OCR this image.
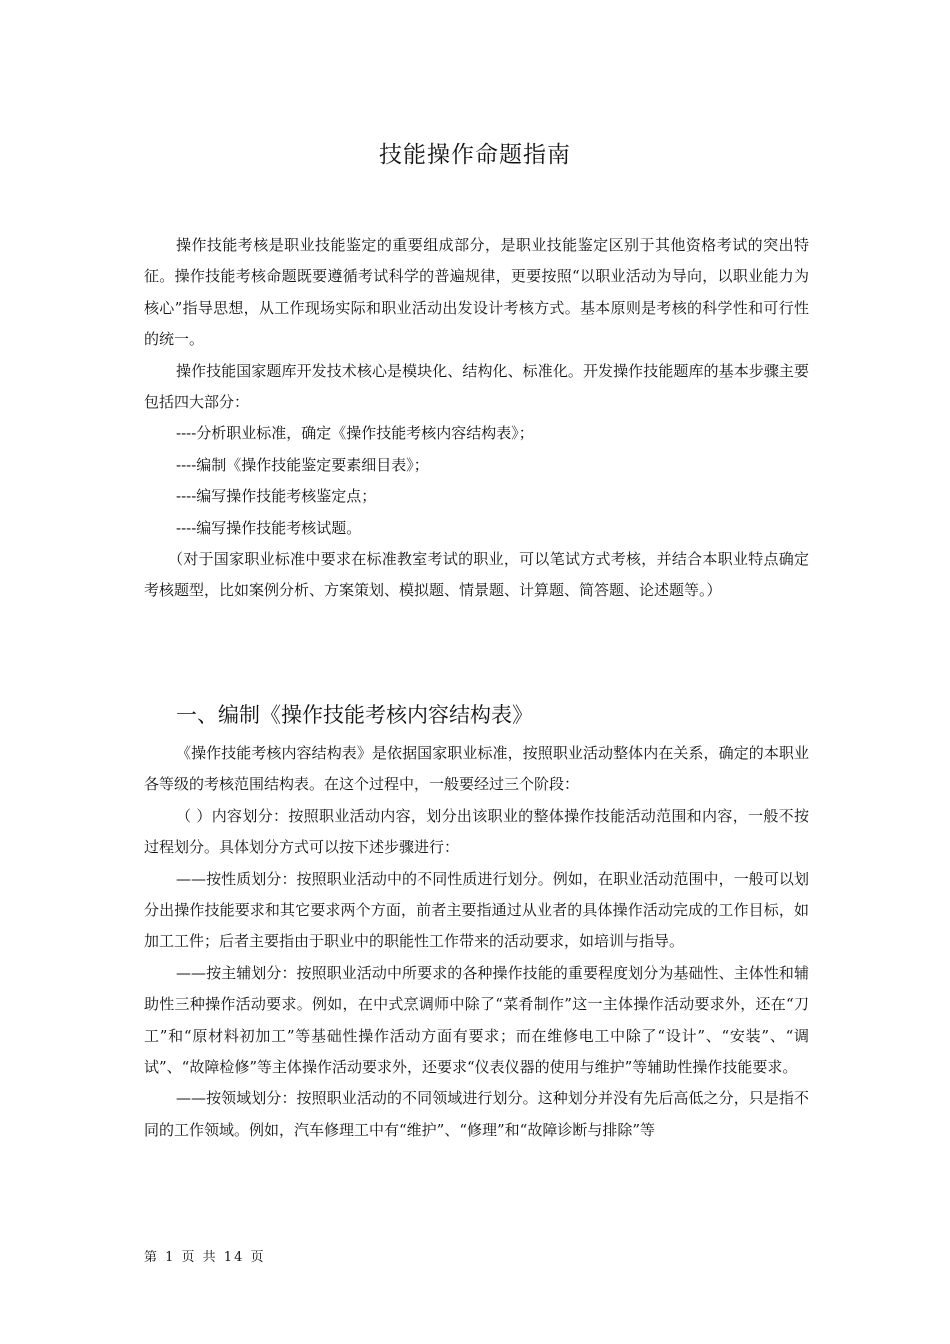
技能操作命题指南

操作技能考核是职业技能鉴定的重要组成部分，是职业技能鉴定区别于其他资格考试的突出特征。操作技能考核命题既要遵循考试科学的普遍规律，更要按照“以职业活动为导向，以职业能力为核心”指导思想，从工作现场实际和职业活动出发设计考核方式。基本原则是考核的科学性和可行性的统一。

操作技能国家题库开发技术核心是模块化、结构化、标准化。开发操作技能题库的基本步骤主要包括四大部分：

----分析职业标准，确定《操作技能考核内容结构表》；

----编制《操作技能鉴定要素细目表》；

----编写操作技能考核鉴定点；

----编写操作技能考核试题。

（对于国家职业标准中要求在标准教室考试的职业，可以笔试方式考核，并结合本职业特点确定考核题型，比如案例分析、方案策划、模拟题、情景题、计算题、简答题、论述题等。）

一、编制《操作技能考核内容结构表》

《操作技能考核内容结构表》是依据国家职业标准，按照职业活动整体内在关系，确定的本职业各等级的考核范围结构表。在这个过程中，一般要经过三个阶段：

（ ）内容划分：按照职业活动内容，划分出该职业的整体操作技能活动范围和内容，一般不按过程划分。具体划分方式可以按下述步骤进行：

——按性质划分：按照职业活动中的不同性质进行划分。例如，在职业活动范围中，一般可以划分出操作技能要求和其它要求两个方面，前者主要指通过从业者的具体操作活动完成的工作目标，如加工工件；后者主要指由于职业中的职能性工作带来的活动要求，如培训与指导。

——按主辅划分：按照职业活动中所要求的各种操作技能的重要程度划分为基础性、主体性和辅助性三种操作活动要求。例如，在中式烹调师中除了“菜肴制作”这一主体操作活动要求外，还在“刀工”和“原材料初加工”等基础性操作活动方面有要求；而在维修电工中除了“设计”、“安装”、“调试”、“故障检修”等主体操作活动要求外，还要求“仪表仪器的使用与维护”等辅助性操作技能要求。

——按领域划分：按照职业活动的不同领域进行划分。这种划分并没有先后高低之分，只是指不同的工作领域。例如，汽车修理工中有“维护”、“修理”和“故障诊断与排除”等

第 1 页 共 14 页
